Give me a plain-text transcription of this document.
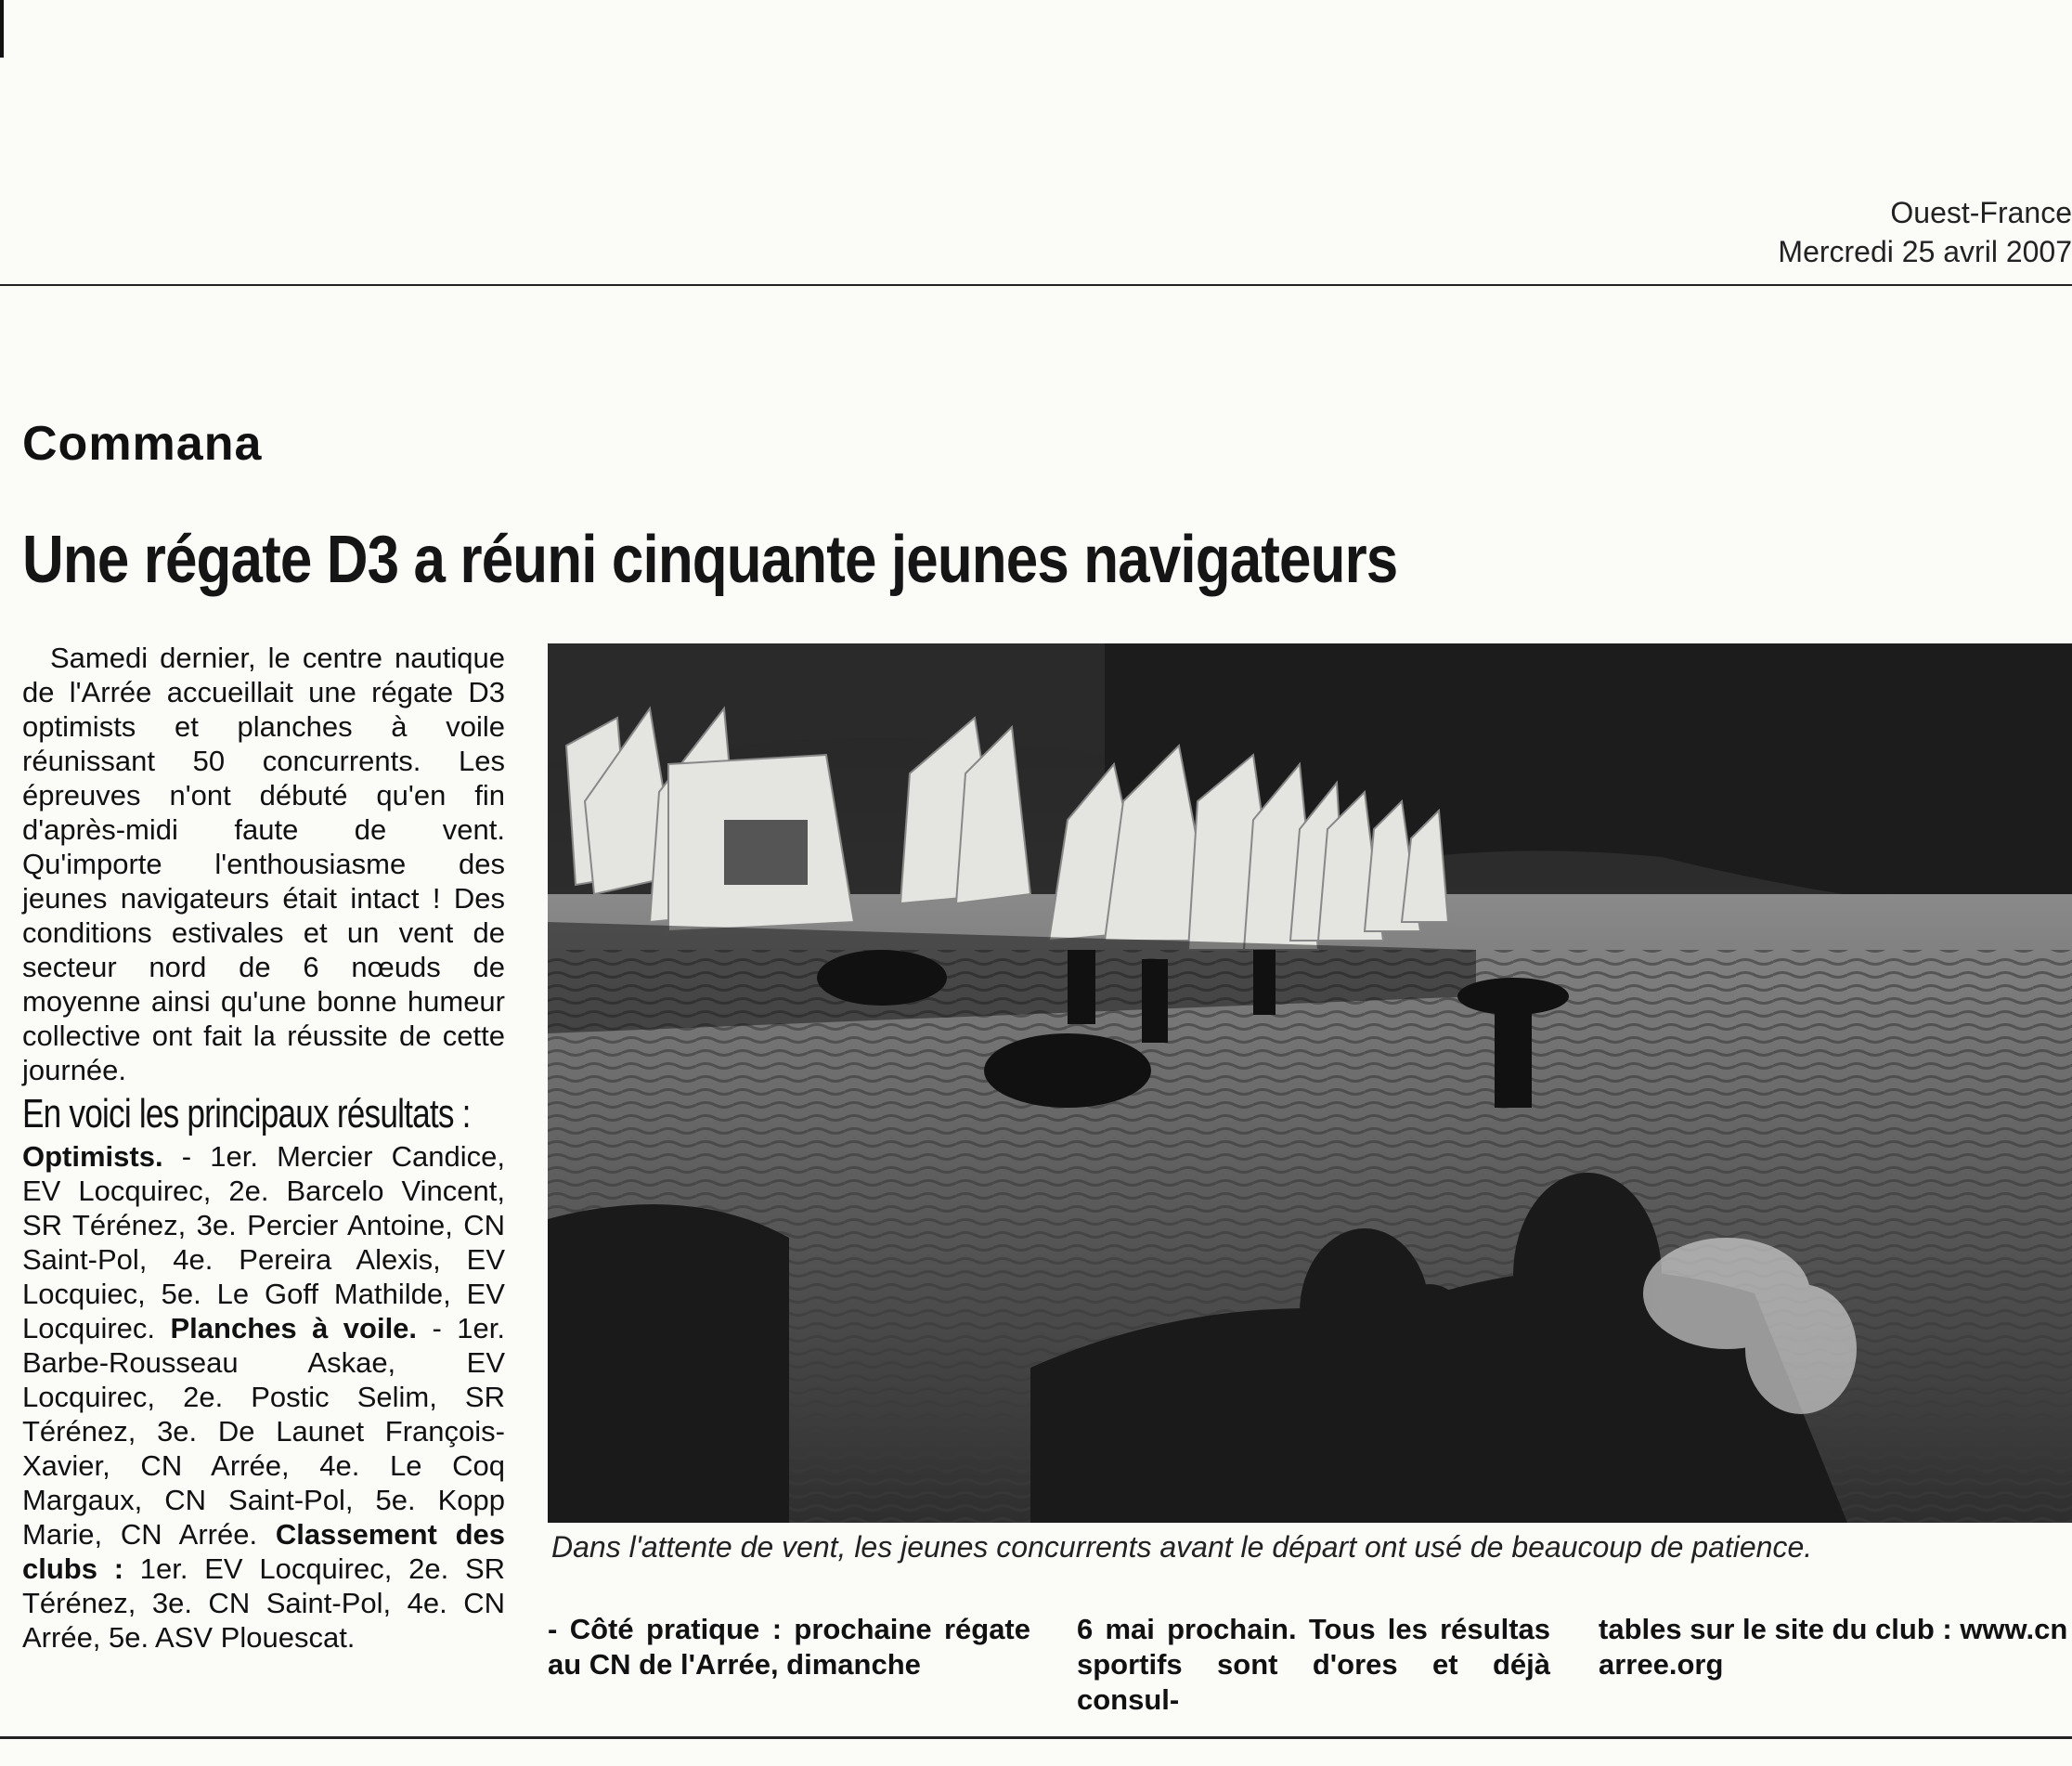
Ouest-France
Mercredi 25 avril 2007
Commana
Une régate D3 a réuni cinquante jeunes navigateurs

Samedi dernier, le centre nautique de l'Arrée accueillait une régate D3 optimists et planches à voile réunissant 50 concurrents. Les épreuves n'ont débuté qu'en fin d'après-midi faute de vent. Qu'importe l'enthousiasme des jeunes navigateurs était intact ! Des conditions estivales et un vent de secteur nord de 6 nœuds de moyenne ainsi qu'une bonne humeur collective ont fait la réussite de cette journée.

En voici les principaux résultats :

Optimists. - 1er. Mercier Candice, EV Locquirec, 2e. Barcelo Vincent, SR Térénez, 3e. Percier Antoine, CN Saint-Pol, 4e. Pereira Alexis, EV Locquiec, 5e. Le Goff Mathilde, EV Locquirec. Planches à voile. - 1er. Barbe-Rousseau Askae, EV Locquirec, 2e. Postic Selim, SR Térénez, 3e. De Launet François-Xavier, CN Arrée, 4e. Le Coq Margaux, CN Saint-Pol, 5e. Kopp Marie, CN Arrée. Classement des clubs : 1er. EV Locquirec, 2e. SR Térénez, 3e. CN Saint-Pol, 4e. CN Arrée, 5e. ASV Plouescat.

Dans l'attente de vent, les jeunes concurrents avant le départ ont usé de beaucoup de patience.
- Côté pratique : prochaine régate au CN de l'Arrée, dimanche
6 mai prochain. Tous les résultas sportifs sont d'ores et déjà consul-
tables sur le site du club : www.cn arree.org
